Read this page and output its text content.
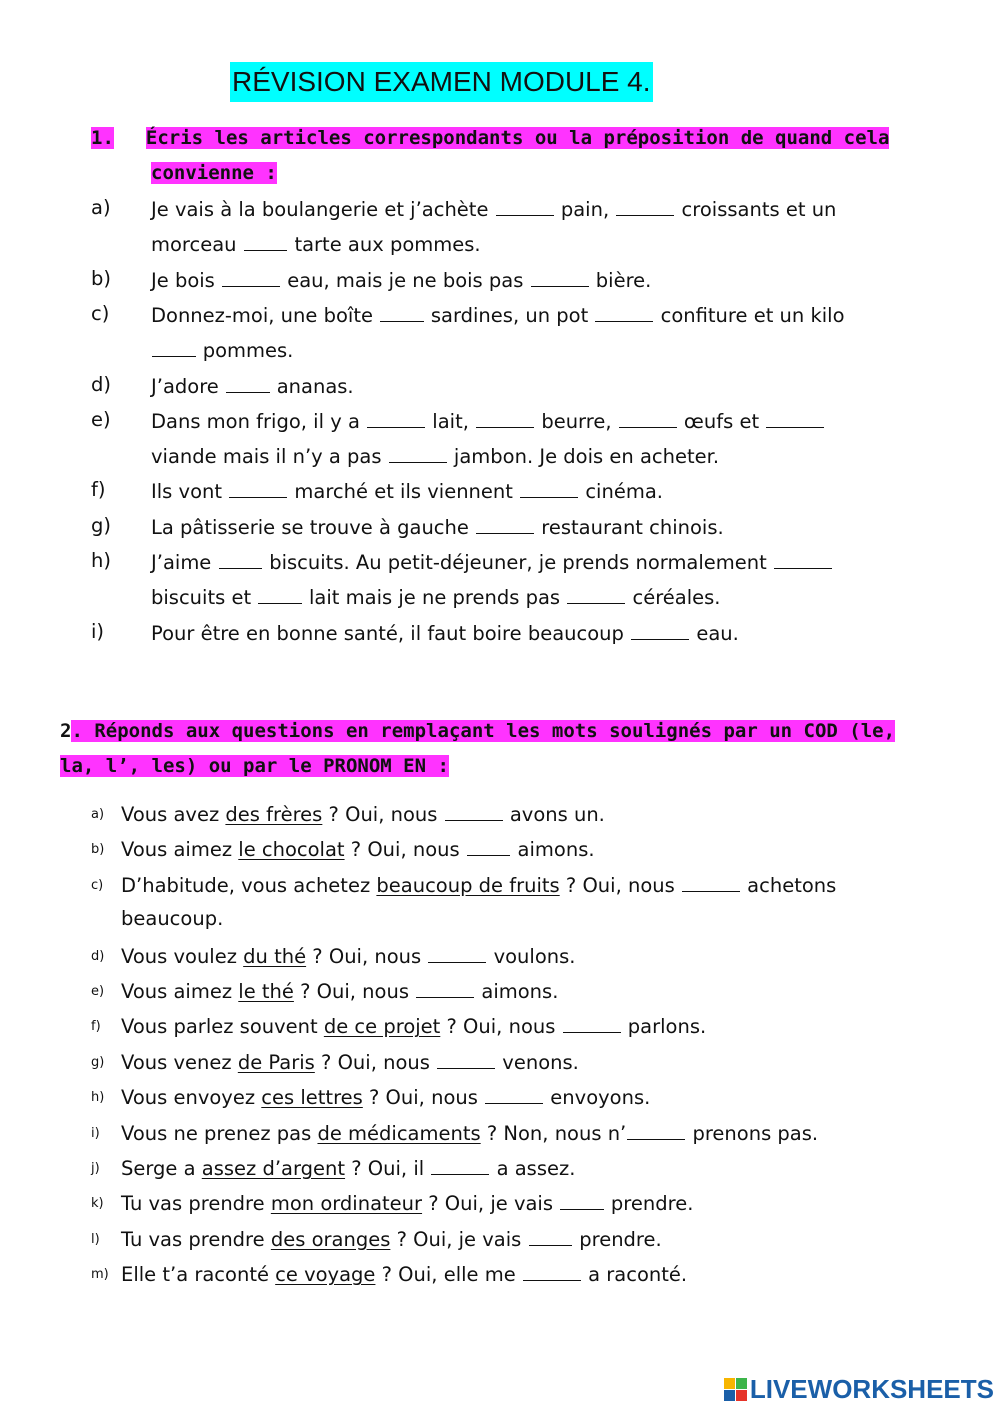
RÉVISION EXAMEN MODULE 4.
1. Écris les articles correspondants ou la préposition de quand cela
convienne :
a) Je vais à la boulangerie et j’achète	pain,	croissants et un
morceau  tarte aux pommes.
b) Je bois	eau, mais je ne bois pas	bière.
c) Donnez-moi, une boîte  sardines, un pot	confiture et un kilo
pommes.
d) J’adore  ananas.
e) Dans mon frigo, il y a	lait,	beurre,	œufs et
viande mais il n’y a pas	jambon. Je dois en acheter.
f) Ils vont	marché et ils viennent	cinéma.
g) La pâtisserie se trouve à gauche	restaurant chinois.
h) J’aime  biscuits. Au petit-déjeuner, je prends normalement
biscuits et  lait mais je ne prends pas	céréales.
i) Pour être en bonne santé, il faut boire beaucoup	eau.
2. Réponds aux questions en remplaçant les mots soulignés par un COD (le,
la, l’, les) ou par le PRONOM EN :
a) Vous avez des frères ? Oui, nous	avons un.
b) Vous aimez le chocolat ? Oui, nous  aimons.
c) D’habitude, vous achetez beaucoup de fruits ? Oui, nous	achetons
beaucoup.
d) Vous voulez du thé ? Oui, nous	voulons.
e) Vous aimez le thé ? Oui, nous	aimons.
f) Vous parlez souvent de ce projet ? Oui, nous	parlons.
g) Vous venez de Paris ? Oui, nous	venons.
h) Vous envoyez ces lettres ? Oui, nous	envoyons.
i) Vous ne prenez pas de médicaments ? Non, nous n’	prenons pas.
j) Serge a assez d’argent ? Oui, il	a assez.
k) Tu vas prendre mon ordinateur ? Oui, je vais  prendre.
l) Tu vas prendre des oranges ? Oui, je vais  prendre.
m) Elle t’a raconté ce voyage ? Oui, elle me	a raconté.
LIVEWORKSHEETS
